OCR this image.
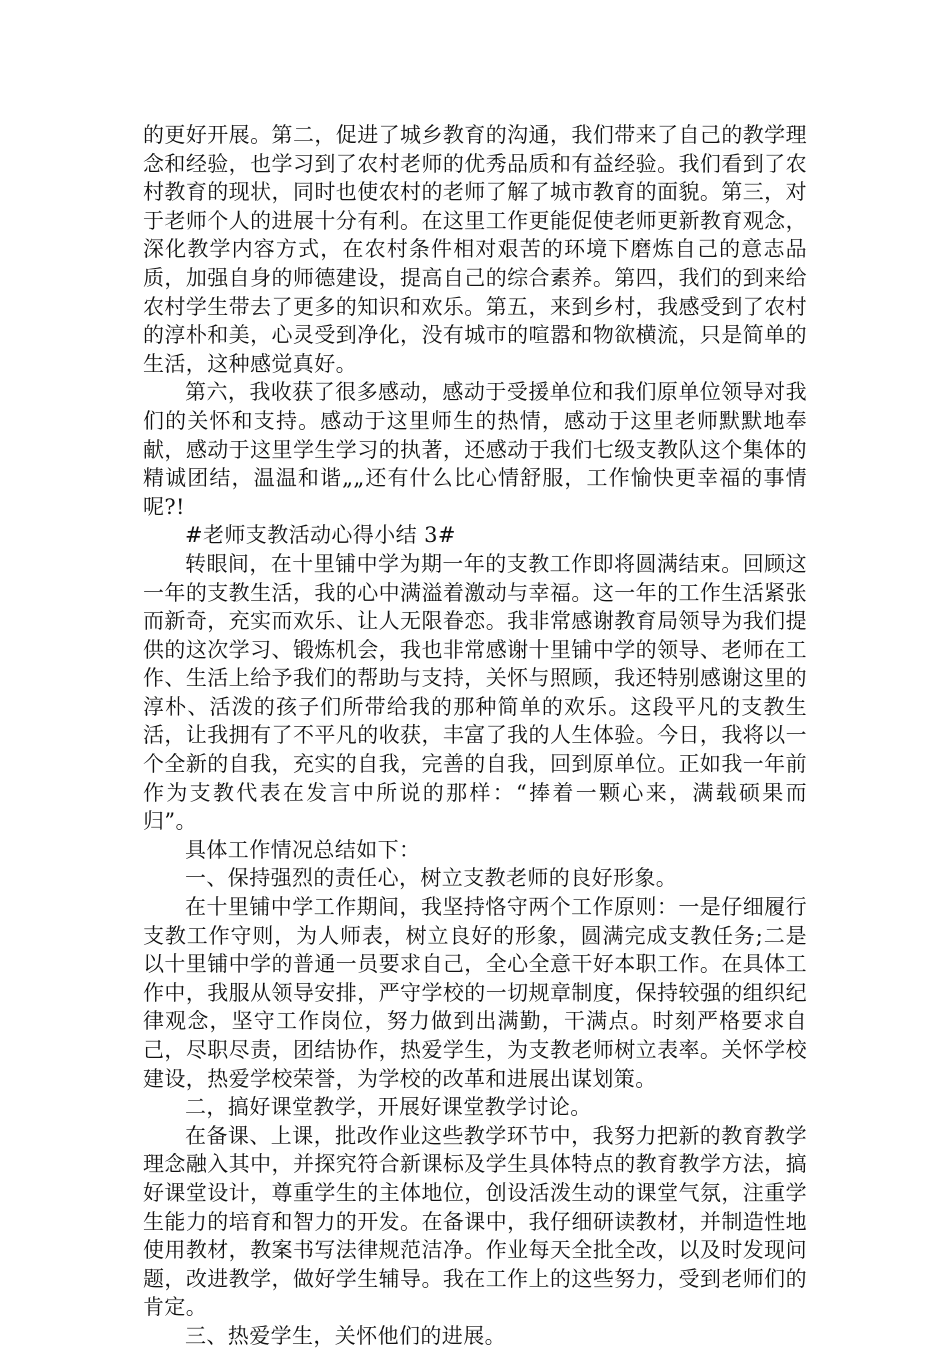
的更好开展。第二，促进了城乡教育的沟通，我们带来了自己的教学理念和经验，也学习到了农村老师的优秀品质和有益经验。我们看到了农村教育的现状，同时也使农村的老师了解了城市教育的面貌。第三，对于老师个人的进展十分有利。在这里工作更能促使老师更新教育观念，深化教学内容方式，在农村条件相对艰苦的环境下磨炼自己的意志品质，加强自身的师德建设，提高自己的综合素养。第四，我们的到来给农村学生带去了更多的知识和欢乐。第五，来到乡村，我感受到了农村的淳朴和美，心灵受到净化，没有城市的喧嚣和物欲横流，只是简单的生活，这种感觉真好。

第六，我收获了很多感动，感动于受援单位和我们原单位领导对我们的关怀和支持。感动于这里师生的热情，感动于这里老师默默地奉献，感动于这里学生学习的执著，还感动于我们七级支教队这个集体的精诚团结，温温和谐„„还有什么比心情舒服，工作愉快更幸福的事情呢?!

#老师支教活动心得小结 3#

转眼间，在十里铺中学为期一年的支教工作即将圆满结束。回顾这一年的支教生活，我的心中满溢着激动与幸福。这一年的工作生活紧张而新奇，充实而欢乐、让人无限眷恋。我非常感谢教育局领导为我们提供的这次学习、锻炼机会，我也非常感谢十里铺中学的领导、老师在工作、生活上给予我们的帮助与支持，关怀与照顾，我还特别感谢这里的淳朴、活泼的孩子们所带给我的那种简单的欢乐。这段平凡的支教生活，让我拥有了不平凡的收获，丰富了我的人生体验。今日，我将以一个全新的自我，充实的自我，完善的自我，回到原单位。正如我一年前作为支教代表在发言中所说的那样：“捧着一颗心来，满载硕果而归”。

具体工作情况总结如下：

一、保持强烈的责任心，树立支教老师的良好形象。

在十里铺中学工作期间，我坚持恪守两个工作原则：一是仔细履行支教工作守则，为人师表，树立良好的形象，圆满完成支教任务;二是以十里铺中学的普通一员要求自己，全心全意干好本职工作。在具体工作中，我服从领导安排，严守学校的一切规章制度，保持较强的组织纪律观念，坚守工作岗位，努力做到出满勤，干满点。时刻严格要求自己，尽职尽责，团结协作，热爱学生，为支教老师树立表率。关怀学校建设，热爱学校荣誉，为学校的改革和进展出谋划策。

二，搞好课堂教学，开展好课堂教学讨论。

在备课、上课，批改作业这些教学环节中，我努力把新的教育教学理念融入其中，并探究符合新课标及学生具体特点的教育教学方法，搞好课堂设计，尊重学生的主体地位，创设活泼生动的课堂气氛，注重学生能力的培育和智力的开发。在备课中，我仔细研读教材，并制造性地使用教材，教案书写法律规范洁净。作业每天全批全改，以及时发现问题，改进教学，做好学生辅导。我在工作上的这些努力，受到老师们的肯定。

三、热爱学生，关怀他们的进展。
